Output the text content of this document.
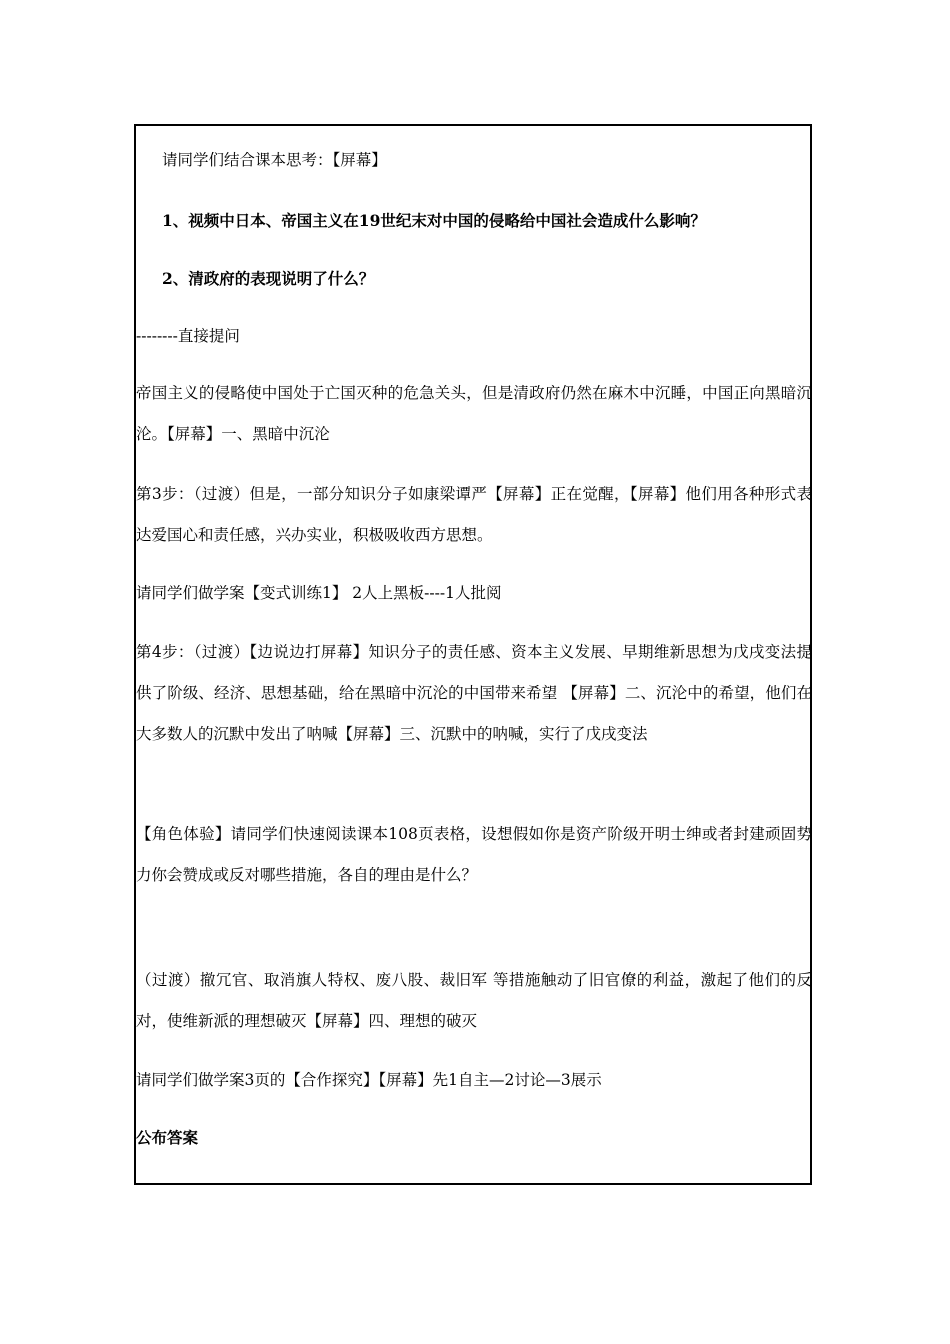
请同学们结合课本思考：【屏幕】
1、视频中日本、帝国主义在19世纪末对中国的侵略给中国社会造成什么影响？
2、清政府的表现说明了什么？
--------直接提问
帝国主义的侵略使中国处于亡国灭种的危急关头，但是清政府仍然在麻木中沉睡，中国正向黑暗沉沦。【屏幕】一、黑暗中沉沦
第3步：（过渡）但是，一部分知识分子如康梁谭严【屏幕】正在觉醒，【屏幕】他们用各种形式表达爱国心和责任感，兴办实业，积极吸收西方思想。
请同学们做学案【变式训练1】 2人上黑板----1人批阅
第4步：（过渡）【边说边打屏幕】知识分子的责任感、资本主义发展、早期维新思想为戊戌变法提供了阶级、经济、思想基础，给在黑暗中沉沦的中国带来希望 【屏幕】二、沉沦中的希望，他们在大多数人的沉默中发出了呐喊【屏幕】三、沉默中的呐喊，实行了戊戌变法
【角色体验】请同学们快速阅读课本108页表格，设想假如你是资产阶级开明士绅或者封建顽固势力你会赞成或反对哪些措施，各自的理由是什么？
（过渡）撤冗官、取消旗人特权、废八股、裁旧军 等措施触动了旧官僚的利益，激起了他们的反对，使维新派的理想破灭【屏幕】四、理想的破灭
请同学们做学案3页的【合作探究】【屏幕】先1自主—2讨论—3展示
公布答案
